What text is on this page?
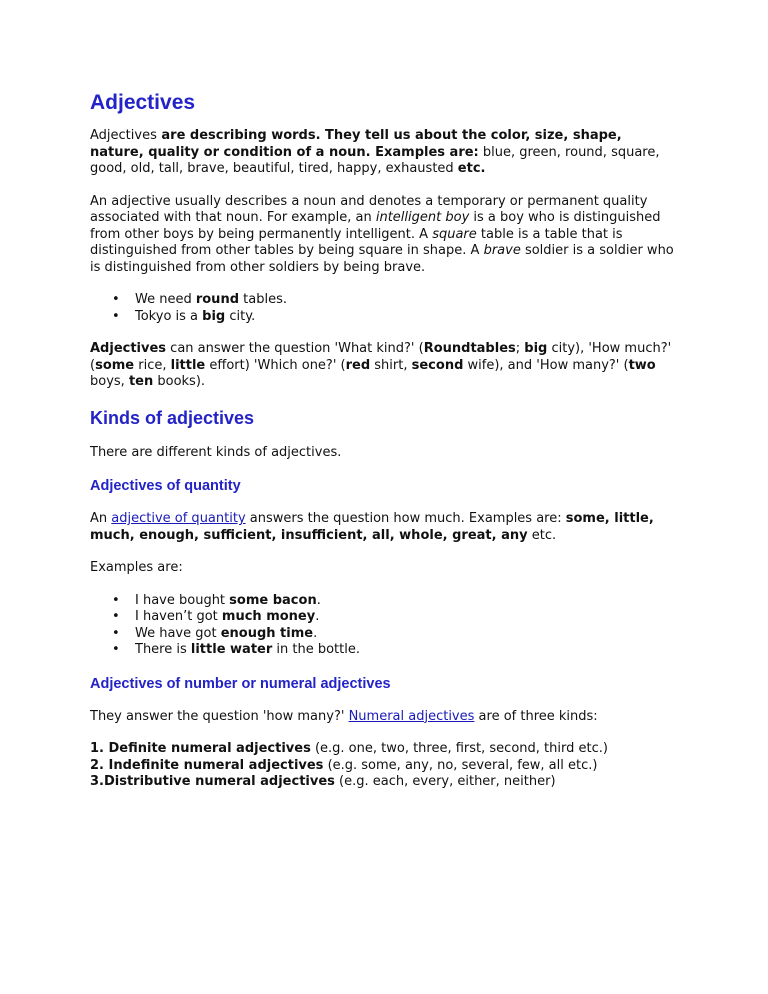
Adjectives

Adjectives are describing words. They tell us about the color, size, shape, nature, quality or condition of a noun. Examples are: blue, green, round, square, good, old, tall, brave, beautiful, tired, happy, exhausted etc.

An adjective usually describes a noun and denotes a temporary or permanent quality associated with that noun. For example, an intelligent boy is a boy who is distinguished from other boys by being permanently intelligent. A square table is a table that is distinguished from other tables by being square in shape. A brave soldier is a soldier who is distinguished from other soldiers by being brave.

• We need round tables.
• Tokyo is a big city.

Adjectives can answer the question 'What kind?' (Roundtables; big city), 'How much?' (some rice, little effort) 'Which one?' (red shirt, second wife), and 'How many?' (two boys, ten books).

Kinds of adjectives

There are different kinds of adjectives.

Adjectives of quantity

An adjective of quantity answers the question how much. Examples are: some, little, much, enough, sufficient, insufficient, all, whole, great, any etc.

Examples are:

• I have bought some bacon.
• I haven’t got much money.
• We have got enough time.
• There is little water in the bottle.
Adjectives of number or numeral adjectives

They answer the question 'how many?' Numeral adjectives are of three kinds:

1. Definite numeral adjectives (e.g. one, two, three, first, second, third etc.)
2. Indefinite numeral adjectives (e.g. some, any, no, several, few, all etc.)
3.Distributive numeral adjectives (e.g. each, every, either, neither)
